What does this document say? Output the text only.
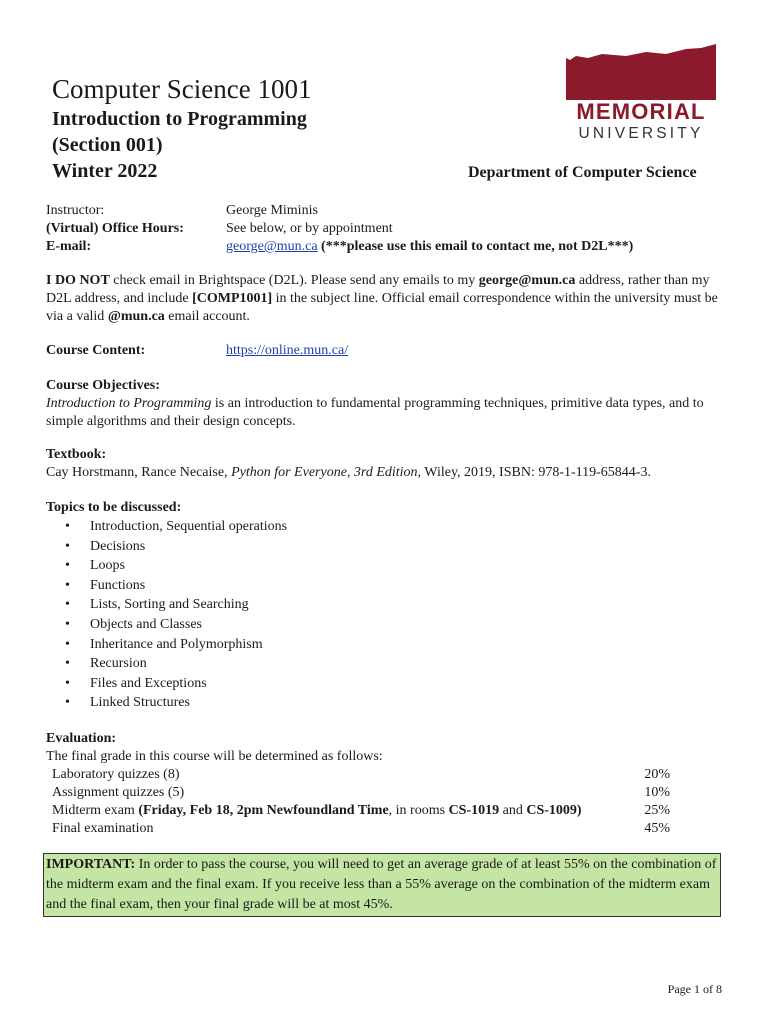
Computer Science 1001
Introduction to Programming
(Section 001)
Winter 2022
MEMORIAL
UNIVERSITY
Department of Computer Science
Instructor:	George Miminis
(Virtual) Office Hours:	See below, or by appointment
E-mail:	george@mun.ca (***please use this email to contact me, not D2L***)
I DO NOT check email in Brightspace (D2L). Please send any emails to my george@mun.ca address, rather than my D2L address, and include [COMP1001] in the subject line. Official email correspondence within the university must be via a valid @mun.ca email account.
Course Content:	https://online.mun.ca/
Course Objectives:
Introduction to Programming is an introduction to fundamental programming techniques, primitive data types, and to simple algorithms and their design concepts.
Textbook:
Cay Horstmann, Rance Necaise, Python for Everyone, 3rd Edition, Wiley, 2019, ISBN: 978-1-119-65844-3.
Topics to be discussed:
• Introduction, Sequential operations
• Decisions
• Loops
• Functions
• Lists, Sorting and Searching
• Objects and Classes
• Inheritance and Polymorphism
• Recursion
• Files and Exceptions
• Linked Structures
Evaluation:
The final grade in this course will be determined as follows:
Laboratory quizzes (8)	20%
Assignment quizzes (5)	10%
Midterm exam (Friday, Feb 18, 2pm Newfoundland Time, in rooms CS-1019 and CS-1009)	25%
Final examination	45%
IMPORTANT: In order to pass the course, you will need to get an average grade of at least 55% on the combination of the midterm exam and the final exam. If you receive less than a 55% average on the combination of the midterm exam and the final exam, then your final grade will be at most 45%.
Page 1 of 8
